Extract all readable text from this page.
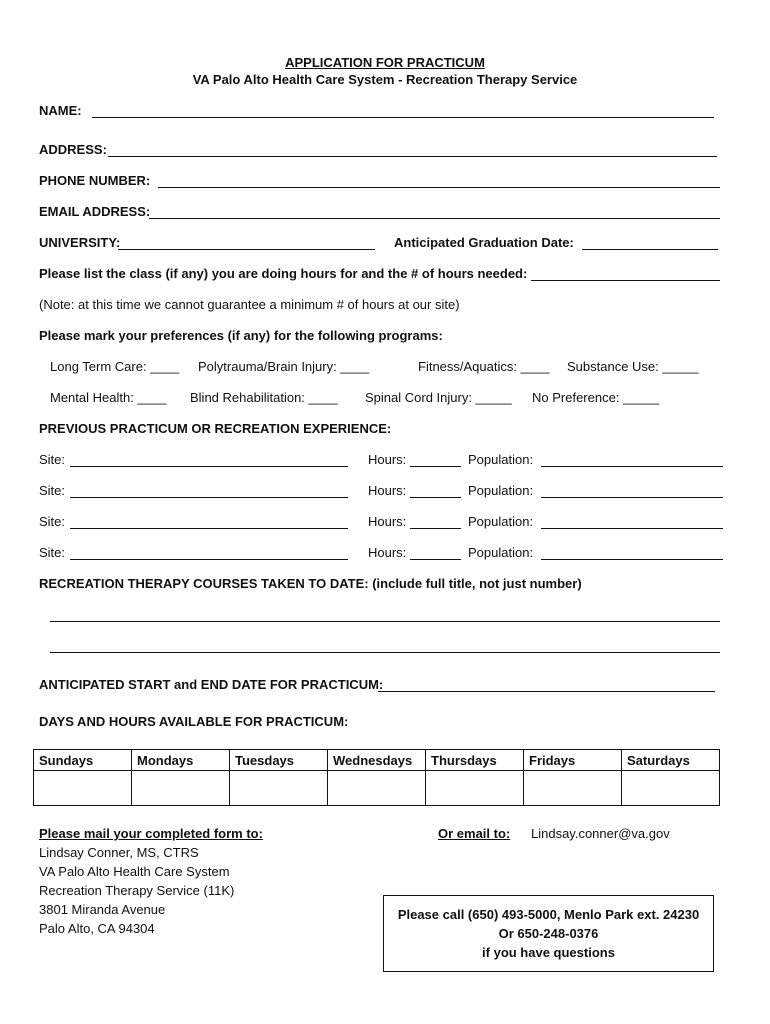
APPLICATION FOR PRACTICUM
VA Palo Alto Health Care System - Recreation Therapy Service
NAME:
ADDRESS:
PHONE NUMBER:
EMAIL ADDRESS:
UNIVERSITY:	Anticipated Graduation Date:
Please list the class (if any) you are doing hours for and the # of hours needed:
(Note: at this time we cannot guarantee a minimum # of hours at our site)
Please mark your preferences (if any) for the following programs:
Long Term Care: ____ Polytrauma/Brain Injury: ____	Fitness/Aquatics: ____ Substance Use: _____
Mental Health: ____ Blind Rehabilitation: ____ Spinal Cord Injury: _____ No Preference: _____
PREVIOUS PRACTICUM OR RECREATION EXPERIENCE:
Site:	Hours:	Population:
Site:	Hours:	Population:
Site:	Hours:	Population:
Site:	Hours:	Population:
RECREATION THERAPY COURSES TAKEN TO DATE: (include full title, not just number)
ANTICIPATED START and END DATE FOR PRACTICUM:
DAYS AND HOURS AVAILABLE FOR PRACTICUM:
Sundays	Mondays	Tuesdays	Wednesdays	Thursdays	Fridays	Saturdays

Please mail your completed form to:
Lindsay Conner, MS, CTRS
VA Palo Alto Health Care System
Recreation Therapy Service (11K)
3801 Miranda Avenue
Palo Alto, CA 94304
Or email to: Lindsay.conner@va.gov
Please call (650) 493-5000, Menlo Park ext. 24230
Or 650-248-0376
if you have questions
